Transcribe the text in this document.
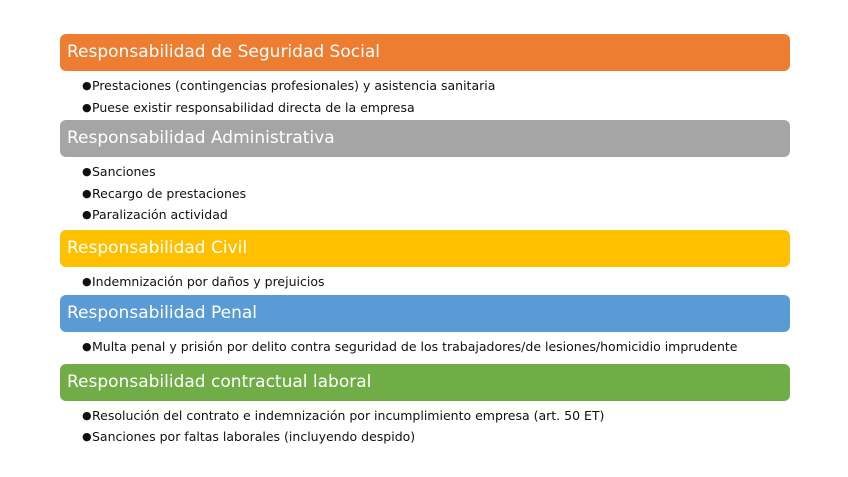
Responsabilidad de Seguridad Social
● Prestaciones (contingencias profesionales) y asistencia sanitaria
● Puese existir responsabilidad directa de la empresa
Responsabilidad Administrativa
● Sanciones
● Recargo de prestaciones
● Paralización actividad
Responsabilidad Civil
● Indemnización por daños y prejuicios
Responsabilidad Penal
● Multa penal y prisión por delito contra seguridad de los trabajadores/de lesiones/homicidio imprudente
Responsabilidad contractual laboral
● Resolución del contrato e indemnización por incumplimiento empresa (art. 50 ET)
● Sanciones por faltas laborales (incluyendo despido)
